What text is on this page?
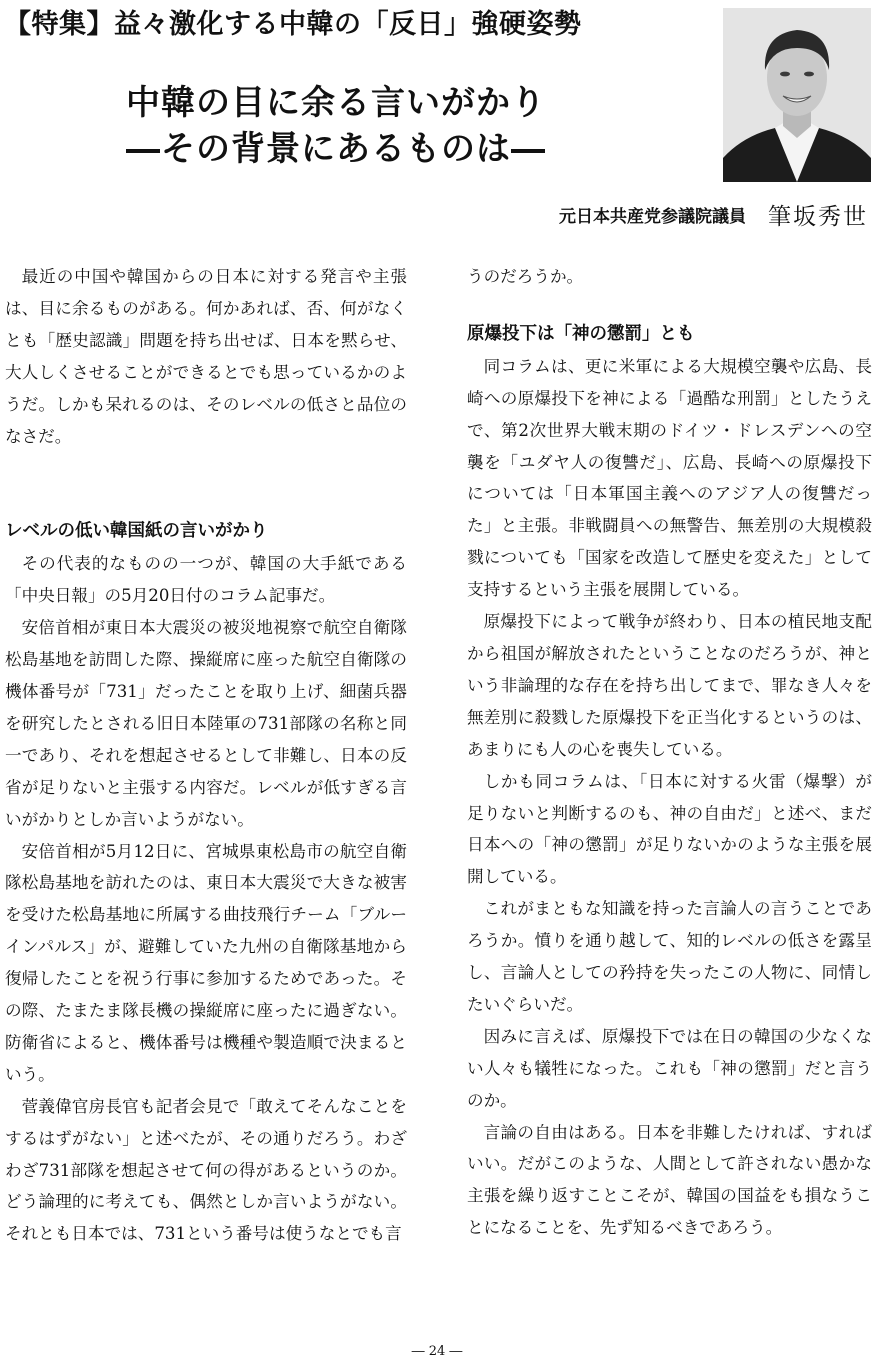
【特集】益々激化する中韓の「反日」強硬姿勢
中韓の目に余る言いがかり
―その背景にあるものは―
元日本共産党参議院議員 筆坂秀世

最近の中国や韓国からの日本に対する発言や主張は、目に余るものがある。何かあれば、否、何がなくとも「歴史認識」問題を持ち出せば、日本を黙らせ、大人しくさせることができるとでも思っているかのようだ。しかも呆れるのは、そのレベルの低さと品位のなさだ。

レベルの低い韓国紙の言いがかり

その代表的なものの一つが、韓国の大手紙である「中央日報」の5月20日付のコラム記事だ。

安倍首相が東日本大震災の被災地視察で航空自衛隊松島基地を訪問した際、操縦席に座った航空自衛隊の機体番号が「731」だったことを取り上げ、細菌兵器を研究したとされる旧日本陸軍の731部隊の名称と同一であり、それを想起させるとして非難し、日本の反省が足りないと主張する内容だ。レベルが低すぎる言いがかりとしか言いようがない。

安倍首相が5月12日に、宮城県東松島市の航空自衛隊松島基地を訪れたのは、東日本大震災で大きな被害を受けた松島基地に所属する曲技飛行チーム「ブルーインパルス」が、避難していた九州の自衛隊基地から復帰したことを祝う行事に参加するためであった。その際、たまたま隊長機の操縦席に座ったに過ぎない。防衛省によると、機体番号は機種や製造順で決まるという。

菅義偉官房長官も記者会見で「敢えてそんなことをするはずがない」と述べたが、その通りだろう。わざわざ731部隊を想起させて何の得があるというのか。どう論理的に考えても、偶然としか言いようがない。それとも日本では、731という番号は使うなとでも言

うのだろうか。

原爆投下は「神の懲罰」とも

同コラムは、更に米軍による大規模空襲や広島、長崎への原爆投下を神による「過酷な刑罰」としたうえで、第2次世界大戦末期のドイツ・ドレスデンへの空襲を「ユダヤ人の復讐だ」、広島、長崎への原爆投下については「日本軍国主義へのアジア人の復讐だった」と主張。非戦闘員への無警告、無差別の大規模殺戮についても「国家を改造して歴史を変えた」として支持するという主張を展開している。

原爆投下によって戦争が終わり、日本の植民地支配から祖国が解放されたということなのだろうが、神という非論理的な存在を持ち出してまで、罪なき人々を無差別に殺戮した原爆投下を正当化するというのは、あまりにも人の心を喪失している。

しかも同コラムは、「日本に対する火雷（爆撃）が足りないと判断するのも、神の自由だ」と述べ、まだ日本への「神の懲罰」が足りないかのような主張を展開している。

これがまともな知識を持った言論人の言うことであろうか。憤りを通り越して、知的レベルの低さを露呈し、言論人としての矜持を失ったこの人物に、同情したいぐらいだ。

因みに言えば、原爆投下では在日の韓国の少なくない人々も犠牲になった。これも「神の懲罰」だと言うのか。

言論の自由はある。日本を非難したければ、すればいい。だがこのような、人間として許されない愚かな主張を繰り返すことこそが、韓国の国益をも損なうことになることを、先ず知るべきであろう。

― 24 ―
